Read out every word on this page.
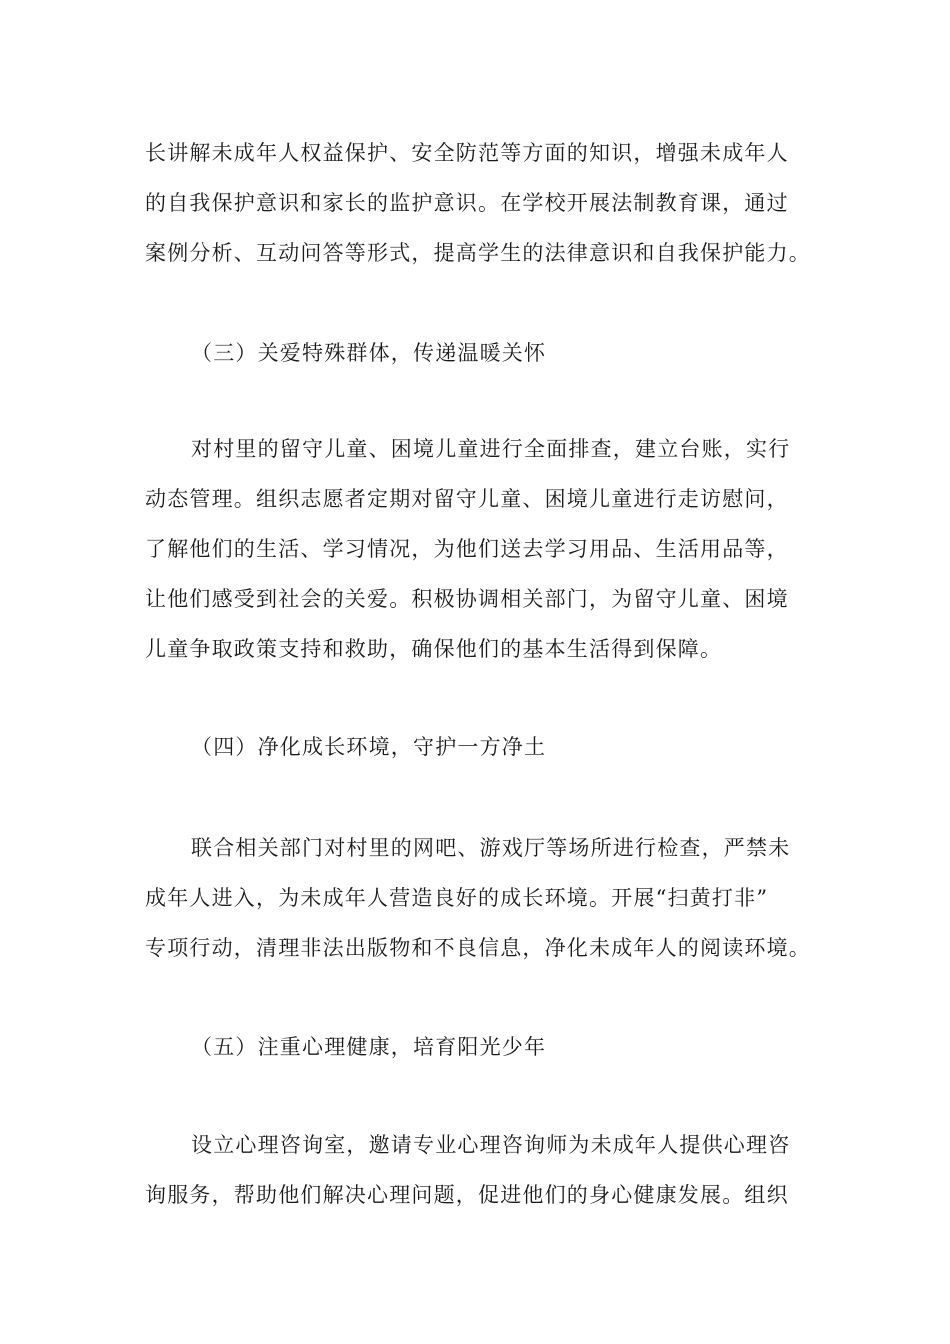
长讲解未成年人权益保护、安全防范等方面的知识，增强未成年人
的自我保护意识和家长的监护意识。在学校开展法制教育课，通过
案例分析、互动问答等形式，提高学生的法律意识和自我保护能力。
（三）关爱特殊群体，传递温暖关怀
对村里的留守儿童、困境儿童进行全面排查，建立台账，实行
动态管理。组织志愿者定期对留守儿童、困境儿童进行走访慰问，
了解他们的生活、学习情况，为他们送去学习用品、生活用品等，
让他们感受到社会的关爱。积极协调相关部门，为留守儿童、困境
儿童争取政策支持和救助，确保他们的基本生活得到保障。
（四）净化成长环境，守护一方净土
联合相关部门对村里的网吧、游戏厅等场所进行检查，严禁未
成年人进入，为未成年人营造良好的成长环境。开展“扫黄打非”
专项行动，清理非法出版物和不良信息，净化未成年人的阅读环境。
（五）注重心理健康，培育阳光少年
设立心理咨询室，邀请专业心理咨询师为未成年人提供心理咨
询服务，帮助他们解决心理问题，促进他们的身心健康发展。组织
